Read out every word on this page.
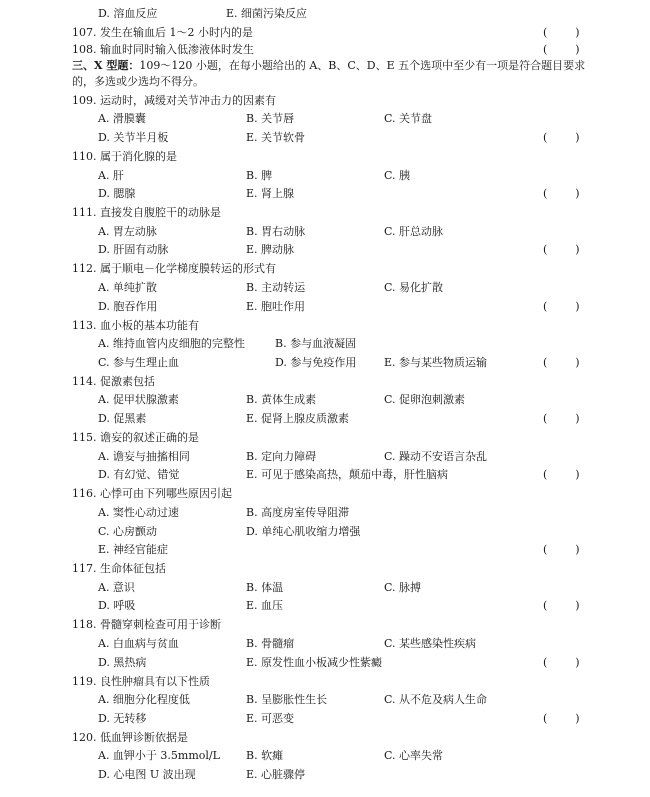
D. 溶血反应	E. 细菌污染反应
107. 发生在输血后 1～2 小时内的是	(        )
108. 输血时同时输入低渗液体时发生	(        )
三、X 型题：109～120 小题，在每小题给出的 A、B、C、D、E 五个选项中至少有一项是符合题目要求
的，多选或少选均不得分。
109. 运动时，减缓对关节冲击力的因素有
A. 滑膜囊	B. 关节唇	C. 关节盘
D. 关节半月板	E. 关节软骨	(        )
110. 属于消化腺的是
A. 肝	B. 脾	C. 胰
D. 腮腺	E. 肾上腺	(        )
111. 直接发自腹腔干的动脉是
A. 胃左动脉	B. 胃右动脉	C. 肝总动脉
D. 肝固有动脉	E. 脾动脉	(        )
112. 属于顺电－化学梯度膜转运的形式有
A. 单纯扩散	B. 主动转运	C. 易化扩散
D. 胞吞作用	E. 胞吐作用	(        )
113. 血小板的基本功能有
A. 维持血管内皮细胞的完整性	B. 参与血液凝固
C. 参与生理止血	D. 参与免疫作用	E. 参与某些物质运输	(        )
114. 促激素包括
A. 促甲状腺激素	B. 黄体生成素	C. 促卵泡刺激素
D. 促黑素	E. 促肾上腺皮质激素	(        )
115. 谵妄的叙述正确的是
A. 谵妄与抽搐相同	B. 定向力障碍	C. 躁动不安语言杂乱
D. 有幻觉、错觉	E. 可见于感染高热，颠茄中毒，肝性脑病	(        )
116. 心悸可由下列哪些原因引起
A. 窦性心动过速	B. 高度房室传导阻滞
C. 心房颤动	D. 单纯心肌收缩力增强
E. 神经官能症	(        )
117. 生命体征包括
A. 意识	B. 体温	C. 脉搏
D. 呼吸	E. 血压	(        )
118. 骨髓穿刺检查可用于诊断
A. 白血病与贫血	B. 骨髓瘤	C. 某些感染性疾病
D. 黑热病	E. 原发性血小板减少性紫癜	(        )
119. 良性肿瘤具有以下性质
A. 细胞分化程度低	B. 呈膨胀性生长	C. 从不危及病人生命
D. 无转移	E. 可恶变	(        )
120. 低血钾诊断依据是
A. 血钾小于 3.5mmol/L B. 软瘫	C. 心率失常
D. 心电图 U 波出现	E. 心脏骤停
